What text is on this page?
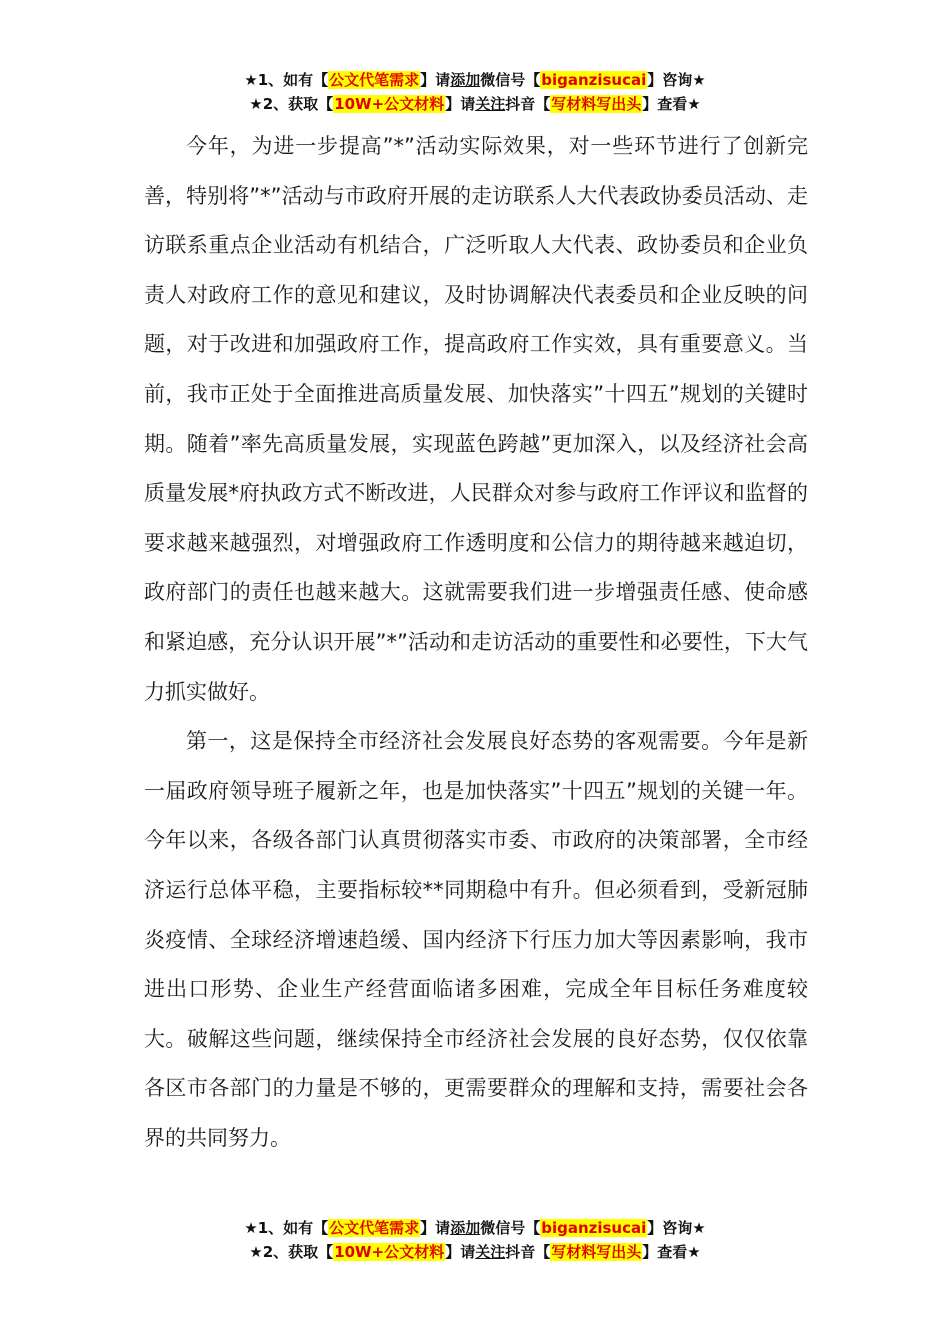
★1、如有【公文代笔需求】请添加微信号【biganzisucai】咨询★
★2、获取【10W+公文材料】请关注抖音【写材料写出头】查看★

今年，为进一步提高”*”活动实际效果，对一些环节进行了创新完善，特别将”*”活动与市政府开展的走访联系人大代表政协委员活动、走访联系重点企业活动有机结合，广泛听取人大代表、政协委员和企业负责人对政府工作的意见和建议，及时协调解决代表委员和企业反映的问题，对于改进和加强政府工作，提高政府工作实效，具有重要意义。当前，我市正处于全面推进高质量发展、加快落实”十四五”规划的关键时期。随着”率先高质量发展，实现蓝色跨越”更加深入，以及经济社会高质量发展*府执政方式不断改进，人民群众对参与政府工作评议和监督的要求越来越强烈，对增强政府工作透明度和公信力的期待越来越迫切，政府部门的责任也越来越大。这就需要我们进一步增强责任感、使命感和紧迫感，充分认识开展”*”活动和走访活动的重要性和必要性，下大气力抓实做好。

第一，这是保持全市经济社会发展良好态势的客观需要。今年是新一届政府领导班子履新之年，也是加快落实”十四五”规划的关键一年。今年以来，各级各部门认真贯彻落实市委、市政府的决策部署，全市经济运行总体平稳，主要指标较**同期稳中有升。但必须看到，受新冠肺炎疫情、全球经济增速趋缓、国内经济下行压力加大等因素影响，我市进出口形势、企业生产经营面临诸多困难，完成全年目标任务难度较大。破解这些问题，继续保持全市经济社会发展的良好态势，仅仅依靠各区市各部门的力量是不够的，更需要群众的理解和支持，需要社会各界的共同努力。

★1、如有【公文代笔需求】请添加微信号【biganzisucai】咨询★
★2、获取【10W+公文材料】请关注抖音【写材料写出头】查看★
